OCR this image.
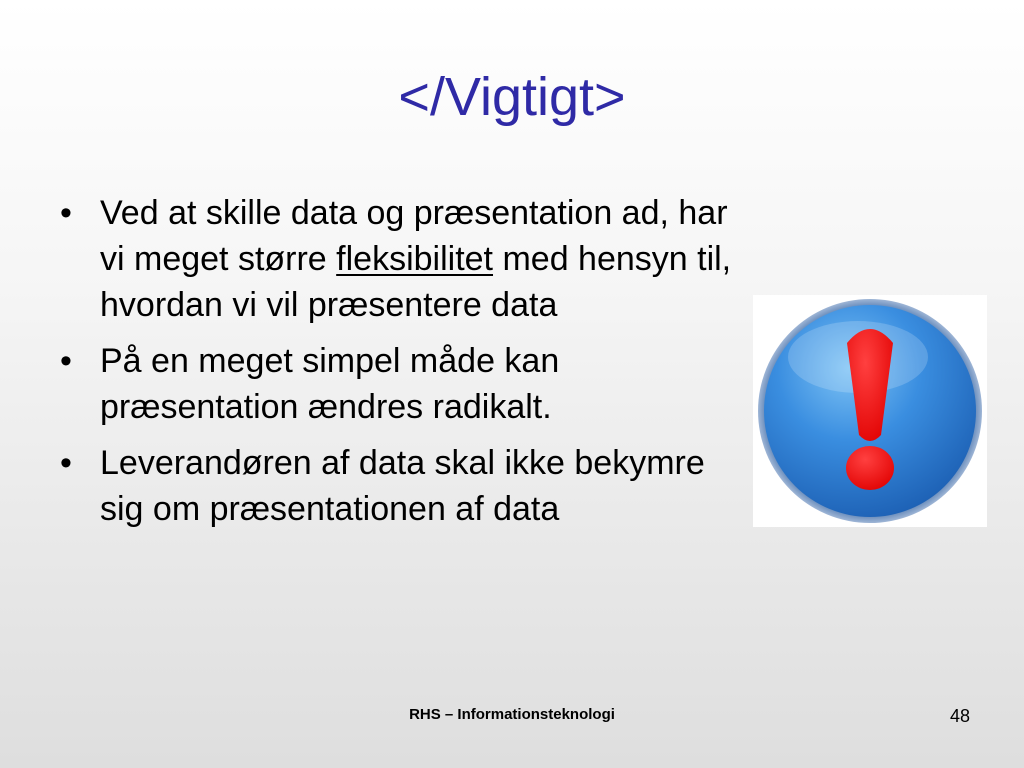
</Vigtigt>
• Ved at skille data og præsentation ad, har vi meget større fleksibilitet med hensyn til, hvordan vi vil præsentere data
• På en meget simpel måde kan præsentation ændres radikalt.
• Leverandøren af data skal ikke bekymre sig om præsentationen af data
RHS – Informationsteknologi	48
